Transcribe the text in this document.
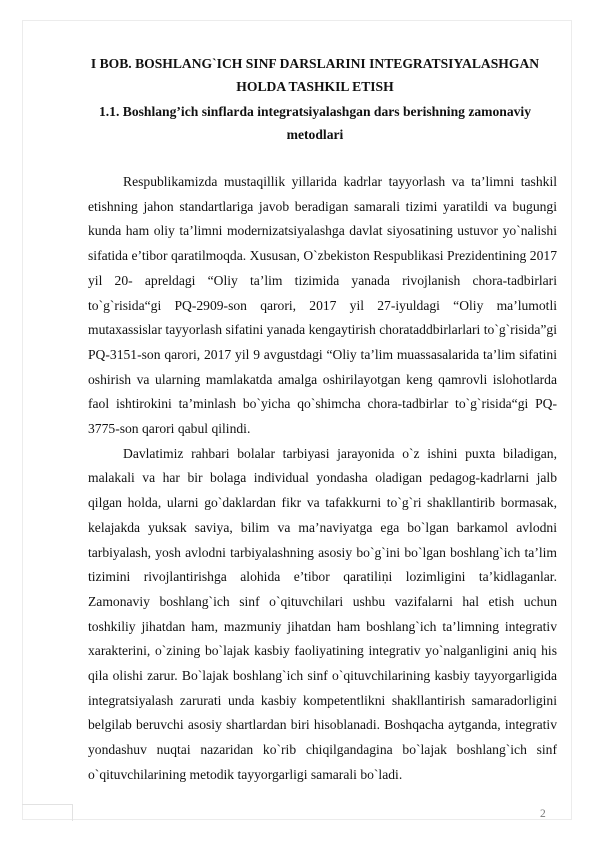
I BOB. BOSHLANG`ICH SINF DARSLARINI INTEGRATSIYALASHGAN HOLDA TASHKIL ETISH
1.1. Boshlang’ich sinflarda integratsiyalashgan dars berishning zamonaviy metodlari

Respublikamizda mustaqillik yillarida kadrlar tayyorlash va ta’limni tashkil etishning jahon standartlariga javob beradigan samarali tizimi yaratildi va bugungi kunda ham oliy ta’limni modernizatsiyalashga davlat siyosatining ustuvor yo`nalishi sifatida e’tibor qaratilmoqda. Xususan, O`zbekiston Respublikasi Prezidentining 2017 yil 20- apreldagi “Oliy ta’lim tizimida yanada rivojlanish chora-tadbirlari to`g`risida“gi PQ-2909-son qarori, 2017 yil 27-iyuldagi “Oliy ma’lumotli mutaxassislar tayyorlash sifatini yanada kengaytirish chorataddbirlarlari to`g`risida”gi PQ-3151-son qarori, 2017 yil 9 avgustdagi “Oliy ta’lim muassasalarida ta’lim sifatini oshirish va ularning mamlakatda amalga oshirilayotgan keng qamrovli islohotlarda faol ishtirokini ta’minlash bo`yicha qo`shimcha chora-tadbirlar to`g`risida“gi PQ-3775-son qarori qabul qilindi.

Davlatimiz rahbari bolalar tarbiyasi jarayonida o`z ishini puxta biladigan, malakali va har bir bolaga individual yondasha oladigan pedagog-kadrlarni jalb qilgan holda, ularni go`daklardan fikr va tafakkurni to`g`ri shakllantirib bormasak, kelajakda yuksak saviya, bilim va ma’naviyatga ega bo`lgan barkamol avlodni tarbiyalash, yosh avlodni tarbiyalashning asosiy bo`g`ini bo`lgan boshlang`ich ta’lim tizimini rivojlantirishga alohida e’tibor qaratiliṇi lozimligini ta’kidlaganlar. Zamonaviy boshlang`ich sinf o`qituvchilari ushbu vazifalarni hal etish uchun toshkiliy jihatdan ham, mazmuniy jihatdan ham boshlang`ich ta’limning integrativ xarakterini, o`zining bo`lajak kasbiy faoliyatining integrativ yo`nalganligini aniq his qila olishi zarur. Bo`lajak boshlang`ich sinf o`qituvchilarining kasbiy tayyorgarligida integratsiyalash zarurati unda kasbiy kompetentlikni shakllantirish samaradorligini belgilab beruvchi asosiy shartlardan biri hisoblanadi. Boshqacha aytganda, integrativ yondashuv nuqtai nazaridan ko`rib chiqilgandagina bo`lajak boshlang`ich sinf o`qituvchilarining metodik tayyorgarligi samarali bo`ladi.

2
